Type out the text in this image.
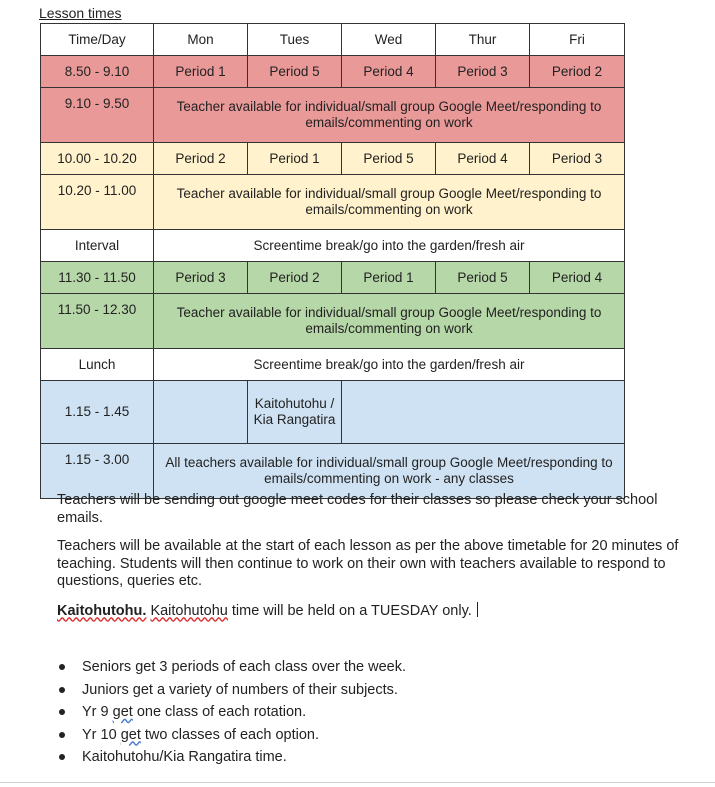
Lesson times
Time/Day	Mon	Tues	Wed	Thur	Fri
8.50 - 9.10	Period 1	Period 5	Period 4	Period 3	Period 2
9.10 - 9.50	Teacher available for individual/small group Google Meet/responding to emails/commenting on work				
10.00 - 10.20	Period 2	Period 1	Period 5	Period 4	Period 3
10.20 - 11.00	Teacher available for individual/small group Google Meet/responding to emails/commenting on work				
Interval	Screentime break/go into the garden/fresh air				
11.30 - 11.50	Period 3	Period 2	Period 1	Period 5	Period 4
11.50 - 12.30	Teacher available for individual/small group Google Meet/responding to emails/commenting on work				
Lunch	Screentime break/go into the garden/fresh air				
1.15 - 1.45		Kaitohutohu / Kia Rangatira			
1.15 - 3.00	All teachers available for individual/small group Google Meet/responding to emails/commenting on work - any classes				

Teachers will be sending out google meet codes for their classes so please check your school emails.

Teachers will be available at the start of each lesson as per the above timetable for 20 minutes of teaching. Students will then continue to work on their own with teachers available to respond to questions, queries etc.

Kaitohutohu. Kaitohutohu time will be held on a TUESDAY only.

Seniors get 3 periods of each class over the week.
Juniors get a variety of numbers of their subjects.
Yr 9 get one class of each rotation.
Yr 10 get two classes of each option.
Kaitohutohu/Kia Rangatira time.
